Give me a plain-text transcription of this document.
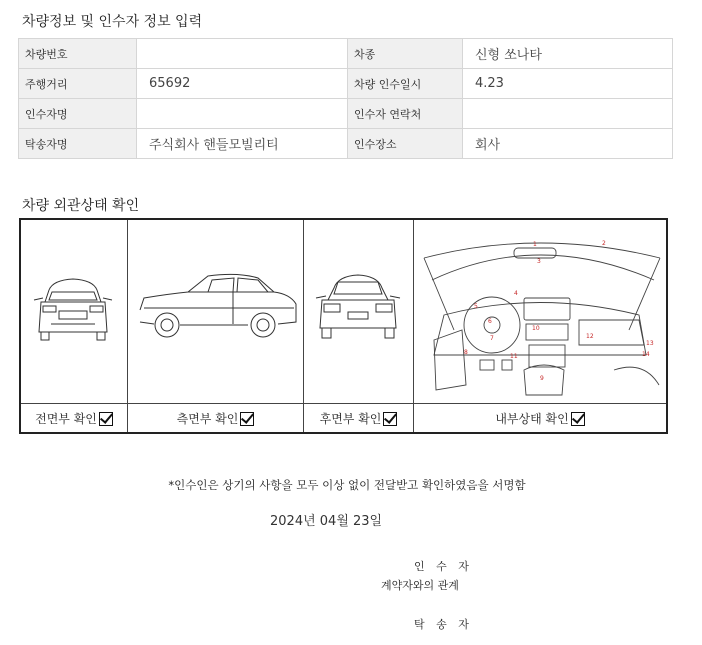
차량정보 및 인수자 정보 입력
차량번호		차종	신형 쏘나타
주행거리	65692	차량 인수일시	4.23
인수자명		인수자 연락처	
탁송자명	주식회사 핸들모빌리티	인수장소	회사
차량 외관상태 확인
1	2
3
4
5
6
7
8
9
10
11
12
13
14
전면부 확인	측면부 확인	후면부 확인	내부상태 확인
*인수인은 상기의 사항을 모두 이상 없이 전달받고 확인하였음을 서명함
2024년 04월 23일
인 수 자
계약자와의 관계
탁 송 자
